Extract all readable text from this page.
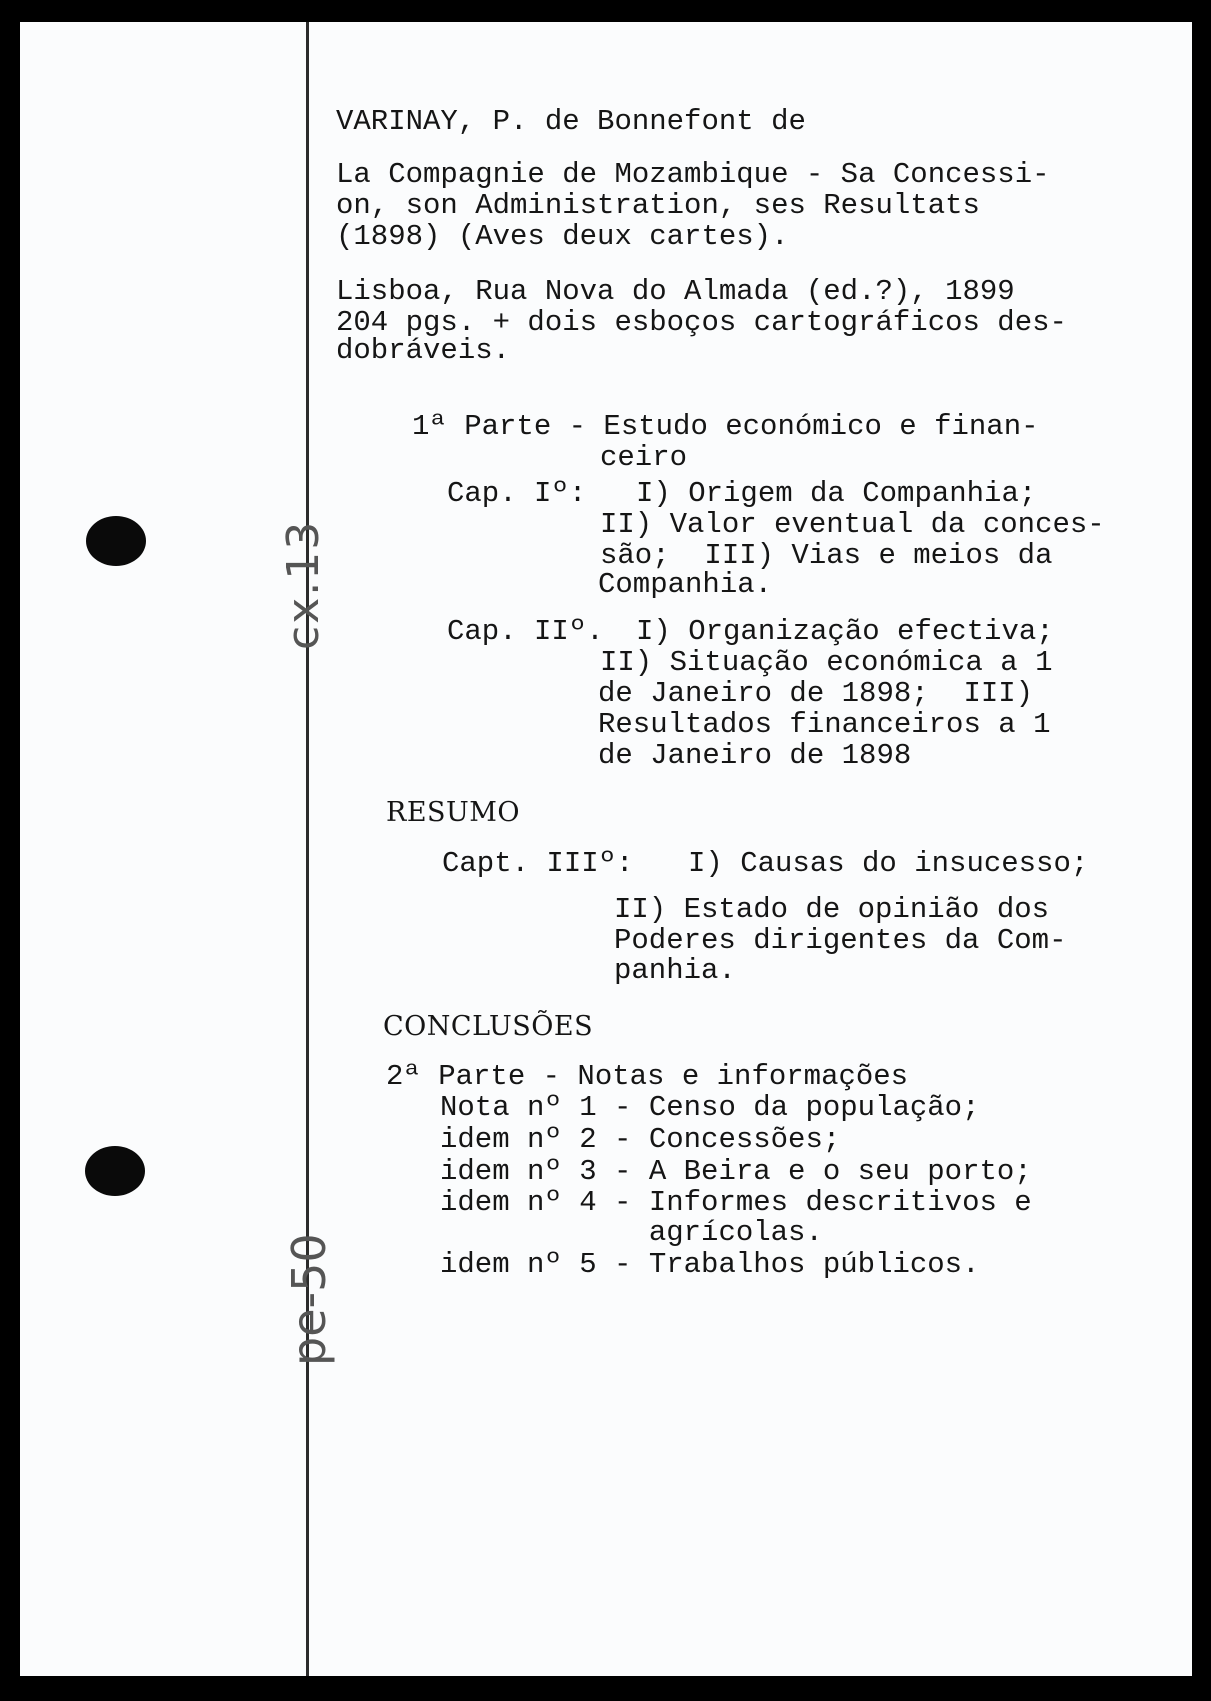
cx.13
pe-50
VARINAY, P. de Bonnefont de
La Compagnie de Mozambique - Sa Concessi-
on, son Administration, ses Resultats
(1898) (Aves deux cartes).
Lisboa, Rua Nova do Almada (ed.?), 1899
204 pgs. + dois esboços cartográficos des-
dobráveis.
1ª Parte - Estudo económico e finan-
ceiro
Cap. Iº: I) Origem da Companhia;
II) Valor eventual da conces-
são;  III) Vias e meios da
Companhia.
Cap. IIº. I) Organização efectiva;
II) Situação económica a 1
de Janeiro de 1898;  III)
Resultados financeiros a 1
de Janeiro de 1898
RESUMO
Capt. IIIº: I) Causas do insucesso;
II) Estado de opinião dos
Poderes dirigentes da Com-
panhia.
CONCLUSÕES
2ª Parte - Notas e informações
Nota nº 1 - Censo da população;
idem nº 2 - Concessões;
idem nº 3 - A Beira e o seu porto;
idem nº 4 - Informes descritivos e
agrícolas.
idem nº 5 - Trabalhos públicos.
